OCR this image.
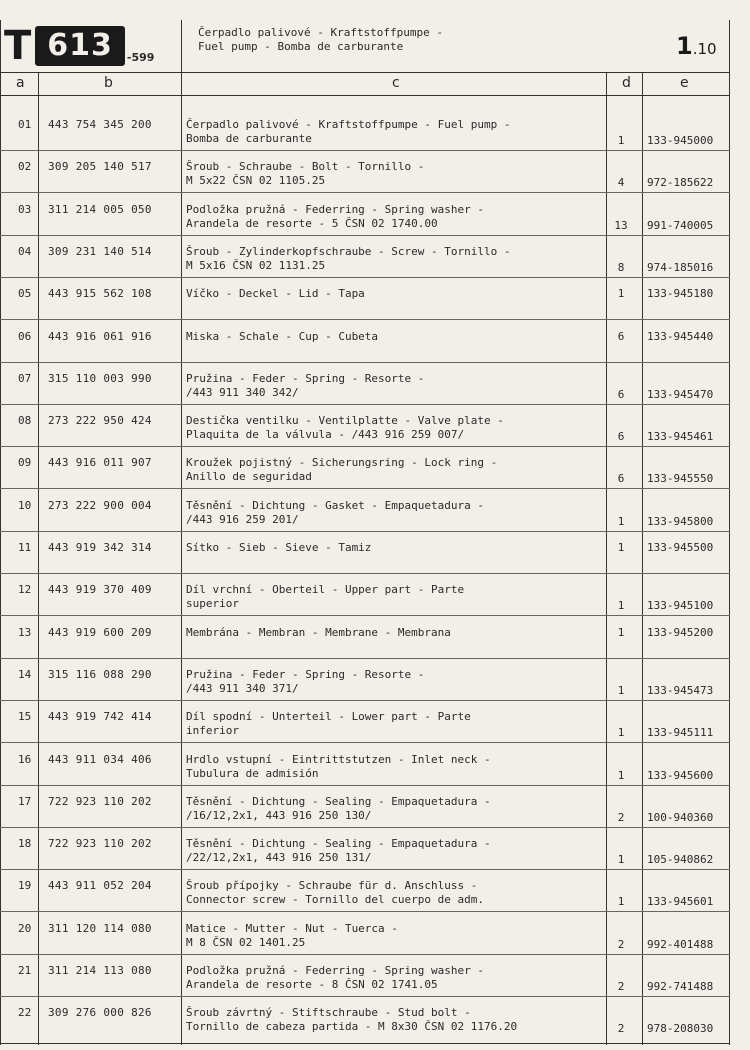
T 613	-599
Čerpadlo palivové - Kraftstoffpumpe -
Fuel pump - Bomba de carburante	1.10
a	b	c	d	e
01 443 754 345 200	Čerpadlo palivové - Kraftstoffpumpe - Fuel pump -
Bomba de carburante	1	133-945000
02 309 205 140 517	Šroub - Schraube - Bolt - Tornillo -
M 5x22 ČSN 02 1105.25	4	972-185622
03 311 214 005 050	Podložka pružná - Federring - Spring washer -
Arandela de resorte - 5 ČSN 02 1740.00	13	991-740005
04 309 231 140 514	Šroub - Zylinderkopfschraube - Screw - Tornillo -
M 5x16 ČSN 02 1131.25	8	974-185016
05 443 915 562 108	Víčko - Deckel - Lid - Tapa	1	133-945180
06 443 916 061 916	Miska - Schale - Cup - Cubeta	6	133-945440
07 315 110 003 990	Pružina - Feder - Spring - Resorte -
/443 911 340 342/	6	133-945470
08 273 222 950 424	Destička ventilku - Ventilplatte - Valve plate -
Plaquita de la válvula - /443 916 259 007/	6	133-945461
09 443 916 011 907	Kroužek pojistný - Sicherungsring - Lock ring -
Anillo de seguridad	6	133-945550
10 273 222 900 004	Těsnění - Dichtung - Gasket - Empaquetadura -
/443 916 259 201/	1	133-945800
11 443 919 342 314	Sítko - Sieb - Sieve - Tamiz	1	133-945500
12 443 919 370 409	Díl vrchní - Oberteil - Upper part - Parte
superior	1	133-945100
13 443 919 600 209	Membrána - Membran - Membrane - Membrana	1	133-945200
14 315 116 088 290	Pružina - Feder - Spring - Resorte -
/443 911 340 371/	1	133-945473
15 443 919 742 414	Díl spodní - Unterteil - Lower part - Parte
inferior	1	133-945111
16 443 911 034 406	Hrdlo vstupní - Eintrittstutzen - Inlet neck -
Tubulura de admisión	1	133-945600
17 722 923 110 202	Těsnění - Dichtung - Sealing - Empaquetadura -
/16/12,2x1, 443 916 250 130/	2	100-940360
18 722 923 110 202	Těsnění - Dichtung - Sealing - Empaquetadura -
/22/12,2x1, 443 916 250 131/	1	105-940862
19 443 911 052 204	Šroub přípojky - Schraube für d. Anschluss -
Connector screw - Tornillo del cuerpo de adm.	1	133-945601
20 311 120 114 080	Matice - Mutter - Nut - Tuerca -
M 8 ČSN 02 1401.25	2	992-401488
21 311 214 113 080	Podložka pružná - Federring - Spring washer -
Arandela de resorte - 8 ČSN 02 1741.05	2	992-741488
22 309 276 000 826	Šroub závrtný - Stiftschraube - Stud bolt -
Tornillo de cabeza partida - M 8x30 ČSN 02 1176.20	2	978-208030
